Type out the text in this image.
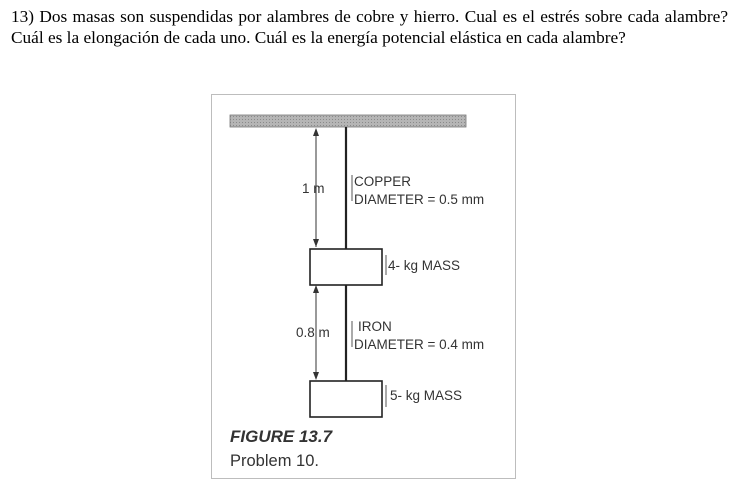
13) Dos masas son suspendidas por alambres de cobre y hierro. Cual es el estrés sobre cada alambre? Cuál es la elongación de cada uno. Cuál es la energía potencial elástica en cada alambre?

1 m COPPER
DIAMETER = 0.5 mm
4- kg MASS
0.8 m IRON
DIAMETER = 0.4 mm
5- kg MASS
FIGURE 13.7
Problem 10.
